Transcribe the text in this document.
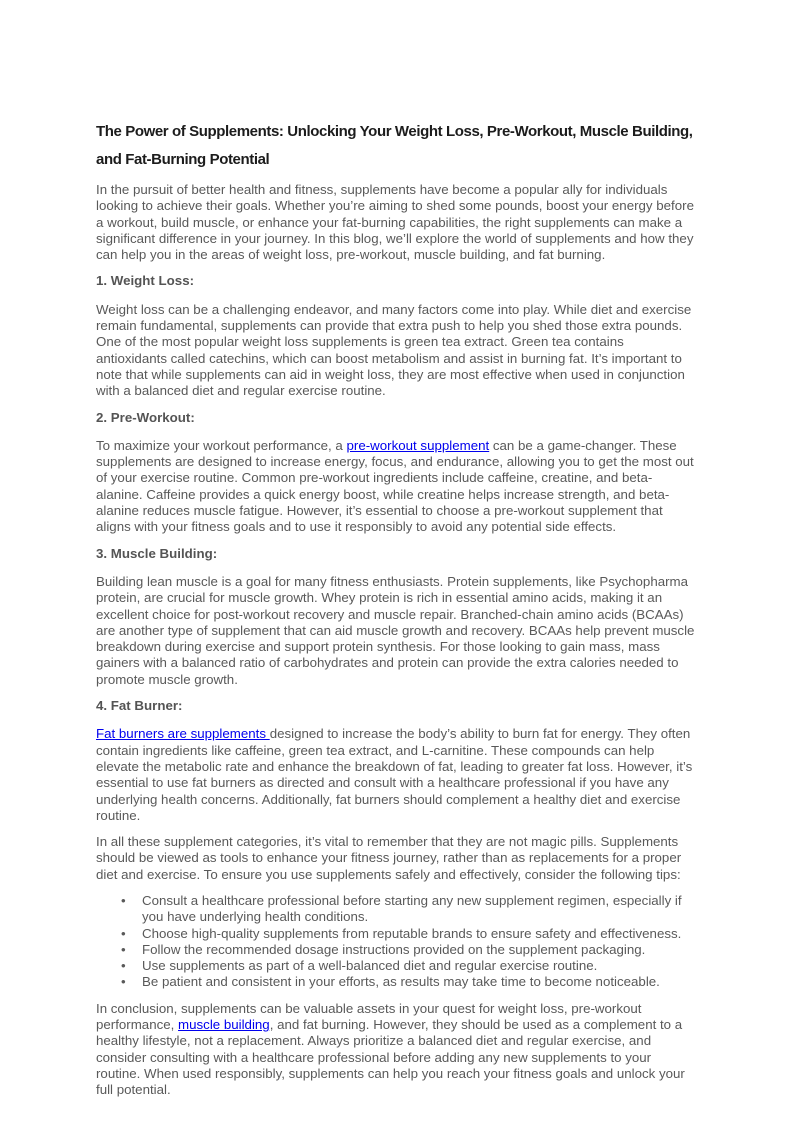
The Power of Supplements: Unlocking Your Weight Loss, Pre-Workout, Muscle Building,
and Fat-Burning Potential

In the pursuit of better health and fitness, supplements have become a popular ally for individuals looking to achieve their goals. Whether you’re aiming to shed some pounds, boost your energy before a workout, build muscle, or enhance your fat-burning capabilities, the right supplements can make a significant difference in your journey. In this blog, we’ll explore the world of supplements and how they can help you in the areas of weight loss, pre-workout, muscle building, and fat burning.

1. Weight Loss:

Weight loss can be a challenging endeavor, and many factors come into play. While diet and exercise remain fundamental, supplements can provide that extra push to help you shed those extra pounds. One of the most popular weight loss supplements is green tea extract. Green tea contains antioxidants called catechins, which can boost metabolism and assist in burning fat. It’s important to note that while supplements can aid in weight loss, they are most effective when used in conjunction with a balanced diet and regular exercise routine.

2. Pre-Workout:

To maximize your workout performance, a pre-workout supplement can be a game-changer. These supplements are designed to increase energy, focus, and endurance, allowing you to get the most out of your exercise routine. Common pre-workout ingredients include caffeine, creatine, and beta-alanine. Caffeine provides a quick energy boost, while creatine helps increase strength, and beta-alanine reduces muscle fatigue. However, it’s essential to choose a pre-workout supplement that aligns with your fitness goals and to use it responsibly to avoid any potential side effects.

3. Muscle Building:

Building lean muscle is a goal for many fitness enthusiasts. Protein supplements, like Psychopharma protein, are crucial for muscle growth. Whey protein is rich in essential amino acids, making it an excellent choice for post-workout recovery and muscle repair. Branched-chain amino acids (BCAAs) are another type of supplement that can aid muscle growth and recovery. BCAAs help prevent muscle breakdown during exercise and support protein synthesis. For those looking to gain mass, mass gainers with a balanced ratio of carbohydrates and protein can provide the extra calories needed to promote muscle growth.

4. Fat Burner:

Fat burners are supplements designed to increase the body’s ability to burn fat for energy. They often contain ingredients like caffeine, green tea extract, and L-carnitine. These compounds can help elevate the metabolic rate and enhance the breakdown of fat, leading to greater fat loss. However, it’s essential to use fat burners as directed and consult with a healthcare professional if you have any underlying health concerns. Additionally, fat burners should complement a healthy diet and exercise routine.

In all these supplement categories, it’s vital to remember that they are not magic pills. Supplements should be viewed as tools to enhance your fitness journey, rather than as replacements for a proper diet and exercise. To ensure you use supplements safely and effectively, consider the following tips:

• Consult a healthcare professional before starting any new supplement regimen, especially if you have underlying health conditions.
• Choose high-quality supplements from reputable brands to ensure safety and effectiveness.
• Follow the recommended dosage instructions provided on the supplement packaging.
• Use supplements as part of a well-balanced diet and regular exercise routine.
• Be patient and consistent in your efforts, as results may take time to become noticeable.

In conclusion, supplements can be valuable assets in your quest for weight loss, pre-workout performance, muscle building, and fat burning. However, they should be used as a complement to a healthy lifestyle, not a replacement. Always prioritize a balanced diet and regular exercise, and consider consulting with a healthcare professional before adding any new supplements to your routine. When used responsibly, supplements can help you reach your fitness goals and unlock your full potential.
